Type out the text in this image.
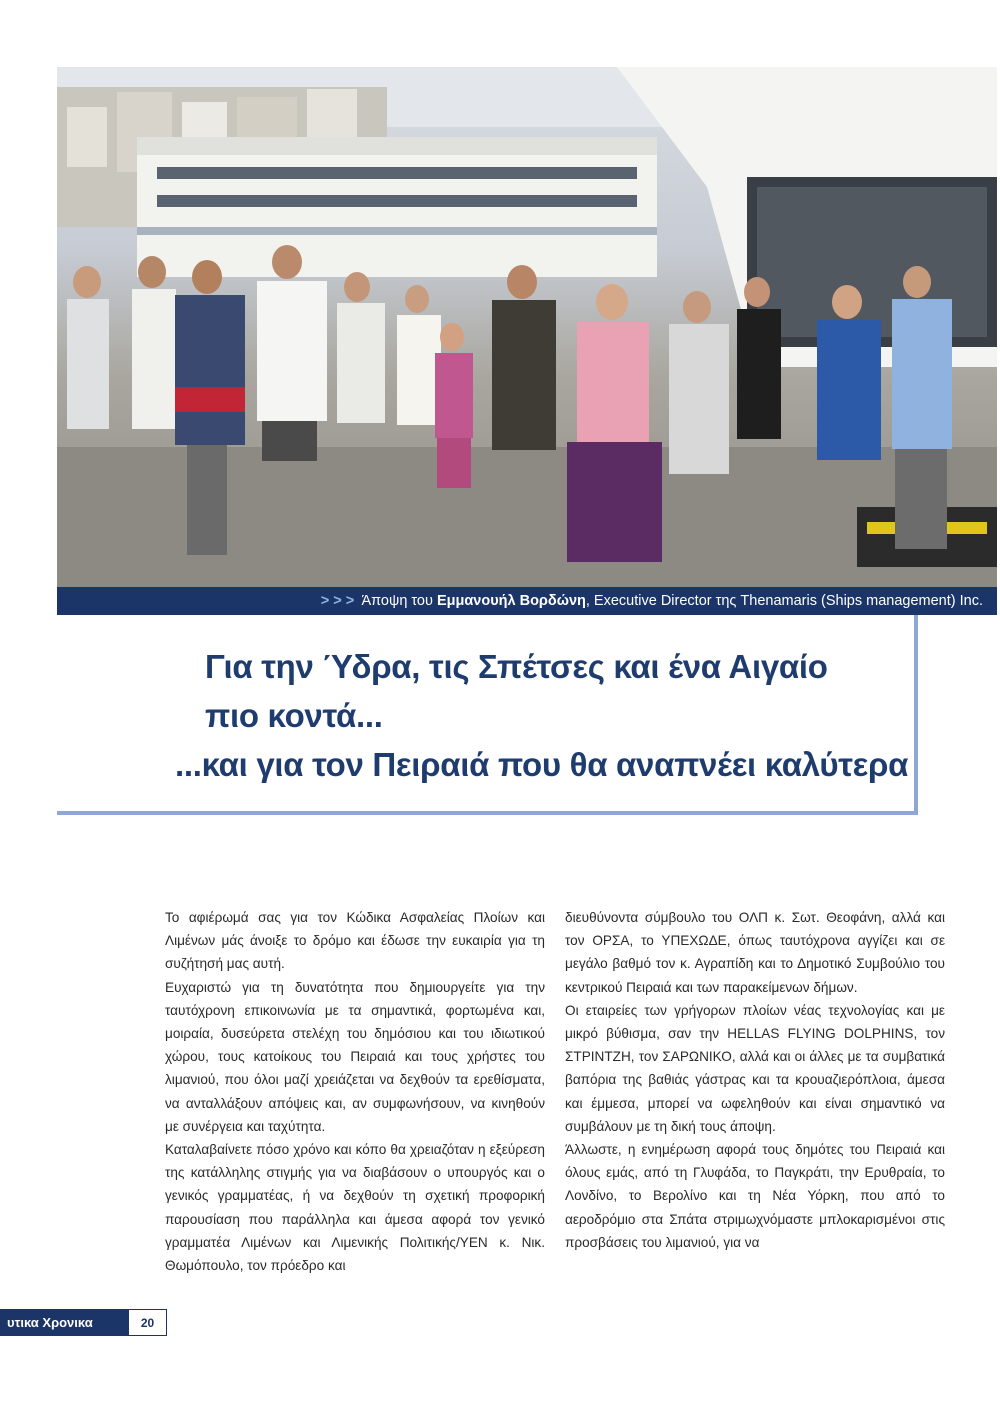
> > > Άποψη του Εμμανουήλ Βορδώνη, Executive Director της Thenamaris (Ships management) Inc.
Για την Ύδρα, τις Σπέτσες και ένα Αιγαίο
πιο κοντά...
...και για τον Πειραιά που θα αναπνέει καλύτερα

Το αφιέρωμά σας για τον Κώδικα Ασφαλείας Πλοίων και Λιμένων μάς άνοιξε το δρόμο και έδωσε την ευκαιρία για τη συζήτησή μας αυτή.

Ευχαριστώ για τη δυνατότητα που δημιουργείτε για την ταυτόχρονη επικοινωνία με τα σημαντικά, φορτωμένα και, μοιραία, δυσεύρετα στελέχη του δημόσιου και του ιδιωτικού χώρου, τους κατοίκους του Πειραιά και τους χρήστες του λιμανιού, που όλοι μαζί χρειάζεται να δεχθούν τα ερεθίσματα, να ανταλλάξουν απόψεις και, αν συμφωνήσουν, να κινηθούν με συνέργεια και ταχύτητα.

Καταλαβαίνετε πόσο χρόνο και κόπο θα χρειαζόταν η εξεύρεση της κατάλληλης στιγμής για να διαβάσουν ο υπουργός και ο γενικός γραμματέας, ή να δεχθούν τη σχετική προφορική παρουσίαση που παράλληλα και άμεσα αφορά τον γενικό γραμματέα Λιμένων και Λιμενικής Πολιτικής/ΥΕΝ κ. Νικ. Θωμόπουλο, τον πρόεδρο και

διευθύνοντα σύμβουλο του ΟΛΠ κ. Σωτ. Θεοφάνη, αλλά και τον ΟΡΣΑ, το ΥΠΕΧΩΔΕ, όπως ταυτόχρονα αγγίζει και σε μεγάλο βαθμό τον κ. Αγραπίδη και το Δημοτικό Συμβούλιο του κεντρικού Πειραιά και των παρακείμενων δήμων.

Οι εταιρείες των γρήγορων πλοίων νέας τεχνολογίας και με μικρό βύθισμα, σαν την HELLAS FLYING DOLPHINS, τον ΣΤΡΙΝΤΖΗ, τον ΣΑΡΩΝΙΚΟ, αλλά και οι άλλες με τα συμβατικά βαπόρια της βαθιάς γάστρας και τα κρουαζιερόπλοια, άμεσα και έμμεσα, μπορεί να ωφεληθούν και είναι σημαντικό να συμβάλουν με τη δική τους άποψη.

Άλλωστε, η ενημέρωση αφορά τους δημότες του Πειραιά και όλους εμάς, από τη Γλυφάδα, το Παγκράτι, την Ερυθραία, το Λονδίνο, το Βερολίνο και τη Νέα Υόρκη, που από το αεροδρόμιο στα Σπάτα στριμωχνόμαστε μπλοκαρισμένοι στις προσβάσεις του λιμανιού, για να

υτικα Χρονικα	20
